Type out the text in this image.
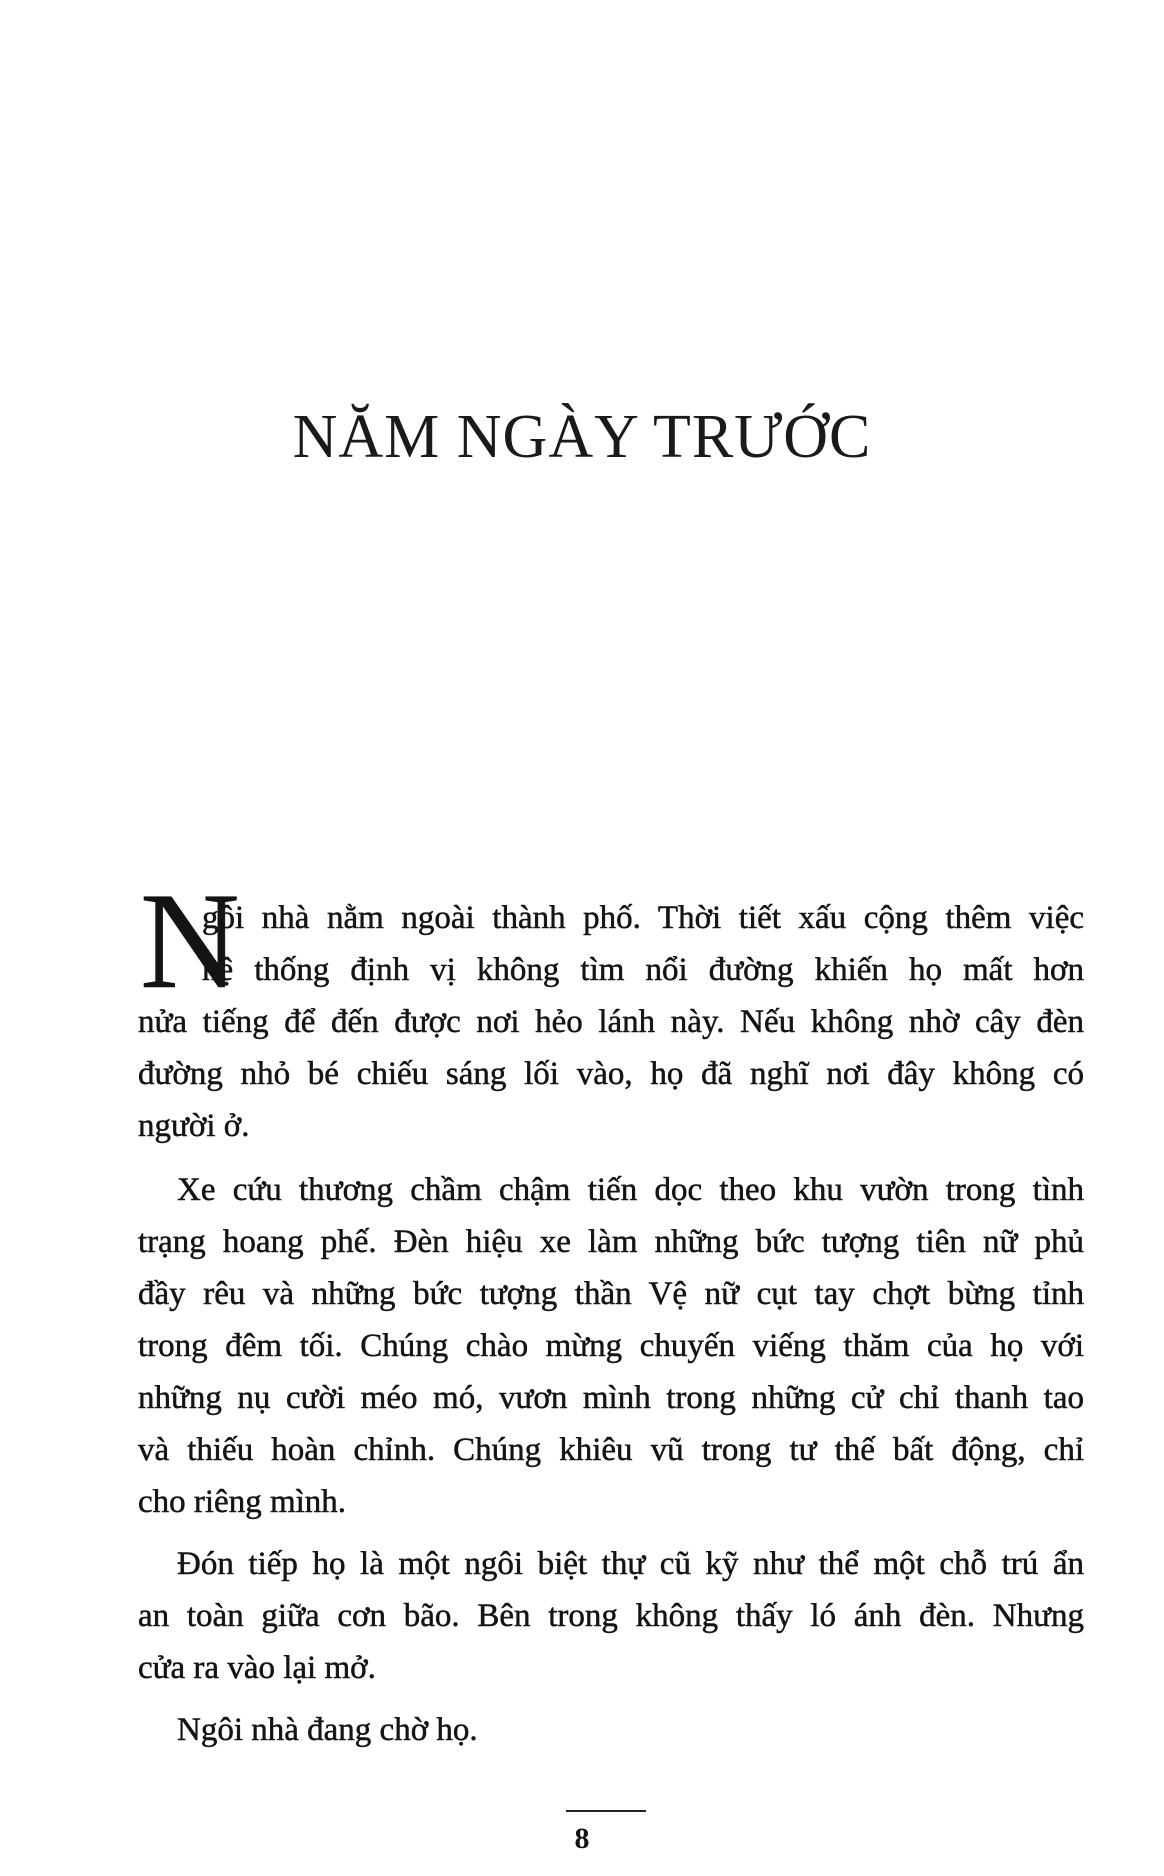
NĂM NGÀY TRƯỚC
N
gôi nhà nằm ngoài thành phố. Thời tiết xấu cộng thêm việc
hệ thống định vị không tìm nổi đường khiến họ mất hơn
nửa tiếng để đến được nơi hẻo lánh này. Nếu không nhờ cây đèn
đường nhỏ bé chiếu sáng lối vào, họ đã nghĩ nơi đây không có
người ở.
Xe cứu thương chầm chậm tiến dọc theo khu vườn trong tình
trạng hoang phế. Đèn hiệu xe làm những bức tượng tiên nữ phủ
đầy rêu và những bức tượng thần Vệ nữ cụt tay chợt bừng tỉnh
trong đêm tối. Chúng chào mừng chuyến viếng thăm của họ với
những nụ cười méo mó, vươn mình trong những cử chỉ thanh tao
và thiếu hoàn chỉnh. Chúng khiêu vũ trong tư thế bất động, chỉ
cho riêng mình.
Đón tiếp họ là một ngôi biệt thự cũ kỹ như thể một chỗ trú ẩn
an toàn giữa cơn bão. Bên trong không thấy ló ánh đèn. Nhưng
cửa ra vào lại mở.
Ngôi nhà đang chờ họ.
8
